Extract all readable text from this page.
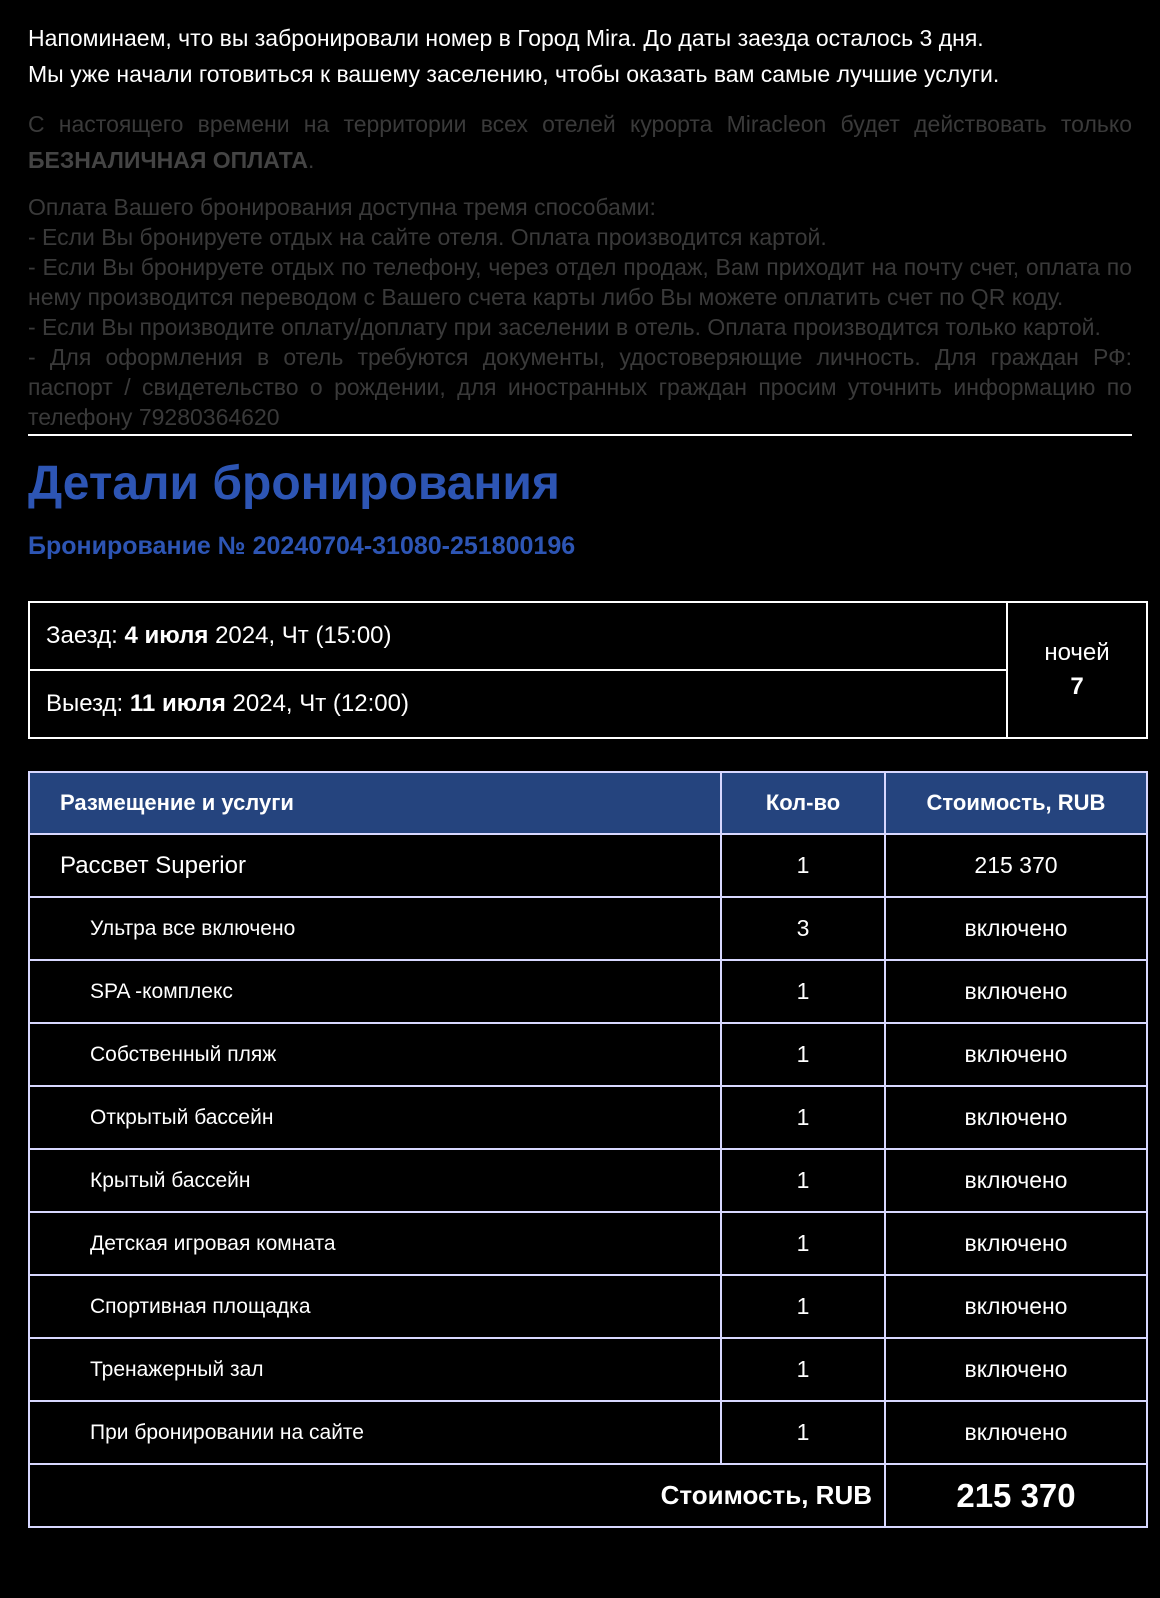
Напоминаем, что вы забронировали номер в Город Mira. До даты заезда осталось 3 дня.

Мы уже начали готовиться к вашему заселению, чтобы оказать вам самые лучшие услуги.

С настоящего времени на территории всех отелей курорта Miracleon будет действовать только БЕЗНАЛИЧНАЯ ОПЛАТА.
Оплата Вашего бронирования доступна тремя способами:
- Если Вы бронируете отдых на сайте отеля. Оплата производится картой.
- Если Вы бронируете отдых по телефону, через отдел продаж, Вам приходит на почту счет, оплата по нему производится переводом с Вашего счета карты либо Вы можете оплатить счет по QR коду.
- Если Вы производите оплату/доплату при заселении в отель. Оплата производится только картой.
- Для оформления в отель требуются документы, удостоверяющие личность. Для граждан РФ: паспорт / свидетельство о рождении, для иностранных граждан просим уточнить информацию по телефону 79280364620
Детали бронирования
Бронирование № 20240704-31080-251800196
Заезд: 4 июля 2024, Чт (15:00)	
ночей
7

Выезд: 11 июля 2024, Чт (12:00)
Размещение и услуги	Кол-во	Стоимость, RUB
Рассвет Superior	1	215 370
Ультра все включено	3	включено
SPA -комплекс	1	включено
Собственный пляж	1	включено
Открытый бассейн	1	включено
Крытый бассейн	1	включено
Детская игровая комната	1	включено
Спортивная площадка	1	включено
Тренажерный зал	1	включено
При бронировании на сайте	1	включено
Стоимость, RUB		215 370
